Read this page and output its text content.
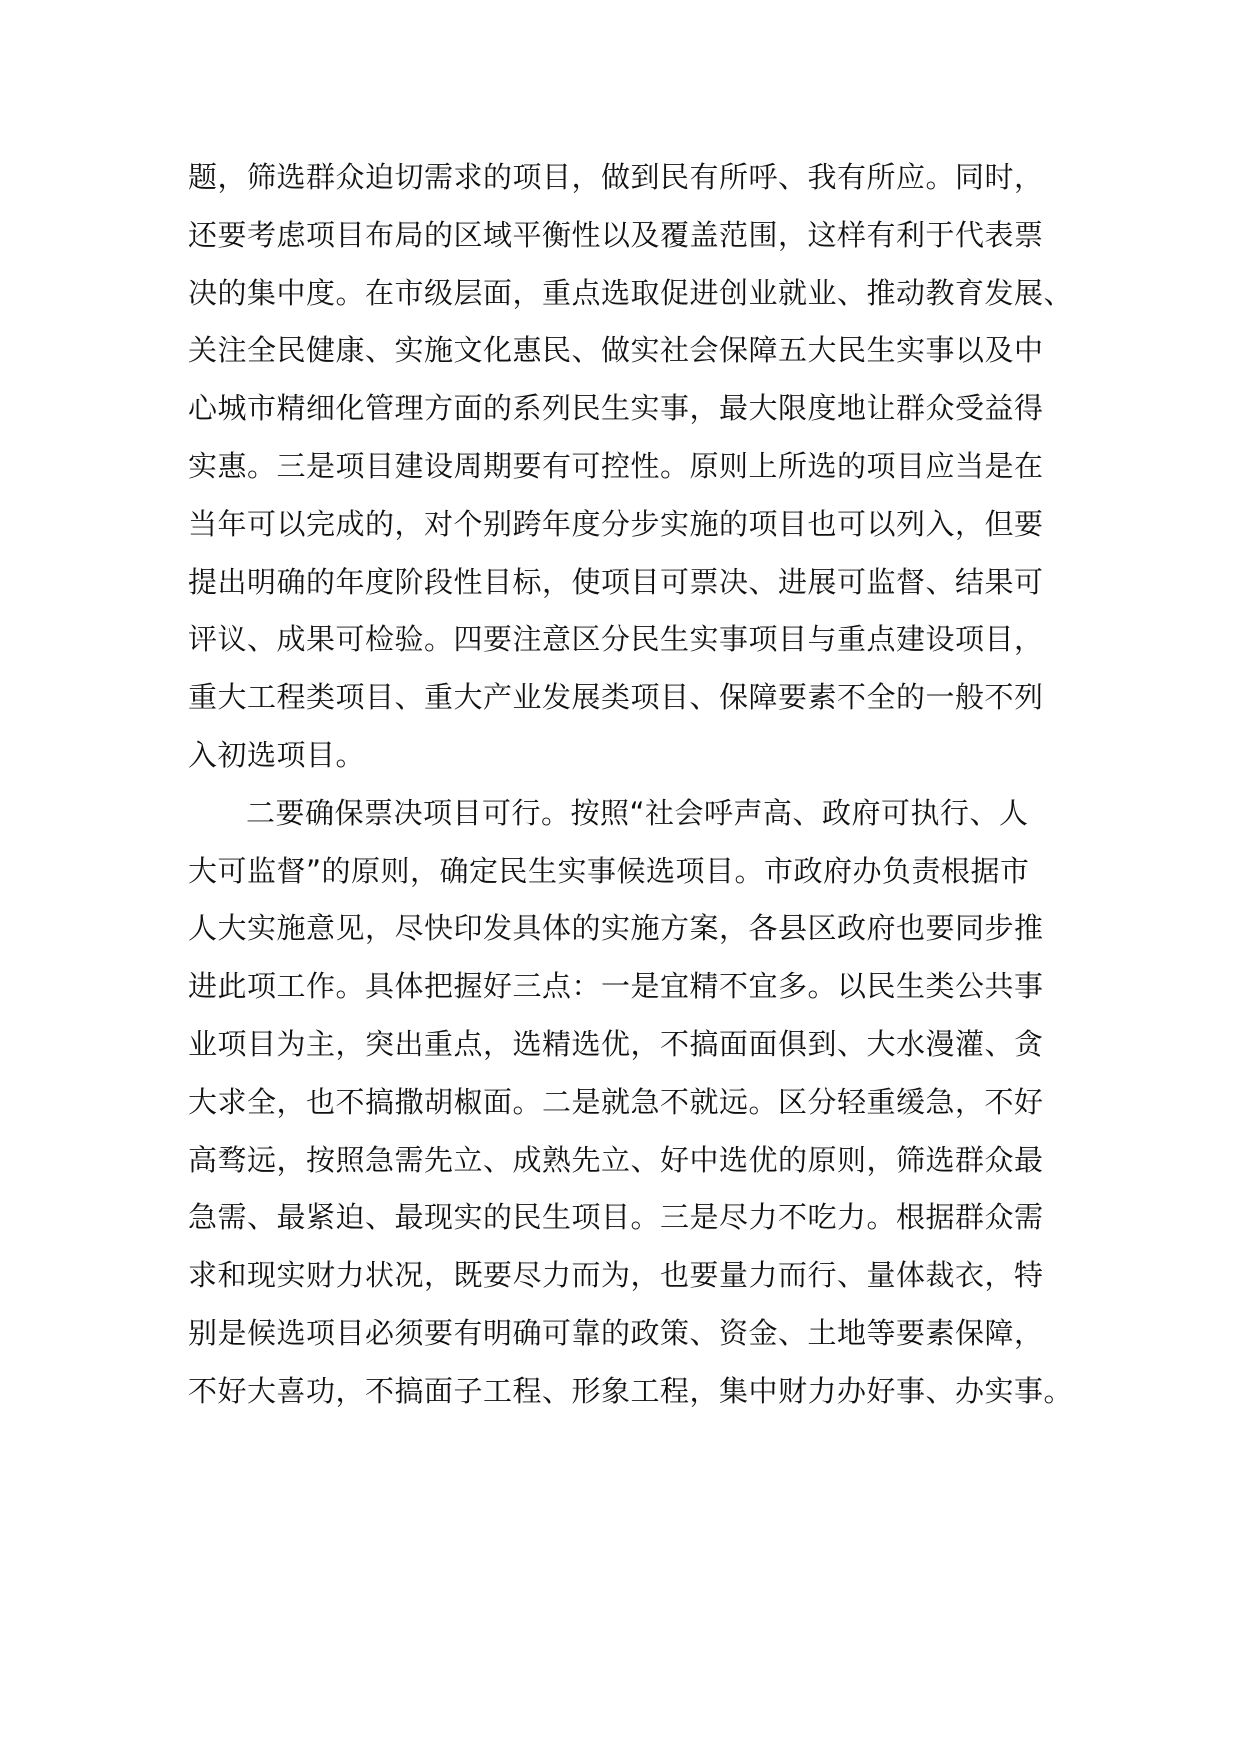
题，筛选群众迫切需求的项目，做到民有所呼、我有所应。同时，
还要考虑项目布局的区域平衡性以及覆盖范围，这样有利于代表票
决的集中度。在市级层面，重点选取促进创业就业、推动教育发展、
关注全民健康、实施文化惠民、做实社会保障五大民生实事以及中
心城市精细化管理方面的系列民生实事，最大限度地让群众受益得
实惠。三是项目建设周期要有可控性。原则上所选的项目应当是在
当年可以完成的，对个别跨年度分步实施的项目也可以列入，但要
提出明确的年度阶段性目标，使项目可票决、进展可监督、结果可
评议、成果可检验。四要注意区分民生实事项目与重点建设项目，
重大工程类项目、重大产业发展类项目、保障要素不全的一般不列
入初选项目。
二要确保票决项目可行。按照“社会呼声高、政府可执行、人
大可监督”的原则，确定民生实事候选项目。市政府办负责根据市
人大实施意见，尽快印发具体的实施方案，各县区政府也要同步推
进此项工作。具体把握好三点：一是宜精不宜多。以民生类公共事
业项目为主，突出重点，选精选优，不搞面面俱到、大水漫灌、贪
大求全，也不搞撒胡椒面。二是就急不就远。区分轻重缓急，不好
高骛远，按照急需先立、成熟先立、好中选优的原则，筛选群众最
急需、最紧迫、最现实的民生项目。三是尽力不吃力。根据群众需
求和现实财力状况，既要尽力而为，也要量力而行、量体裁衣，特
别是候选项目必须要有明确可靠的政策、资金、土地等要素保障，
不好大喜功，不搞面子工程、形象工程，集中财力办好事、办实事。
